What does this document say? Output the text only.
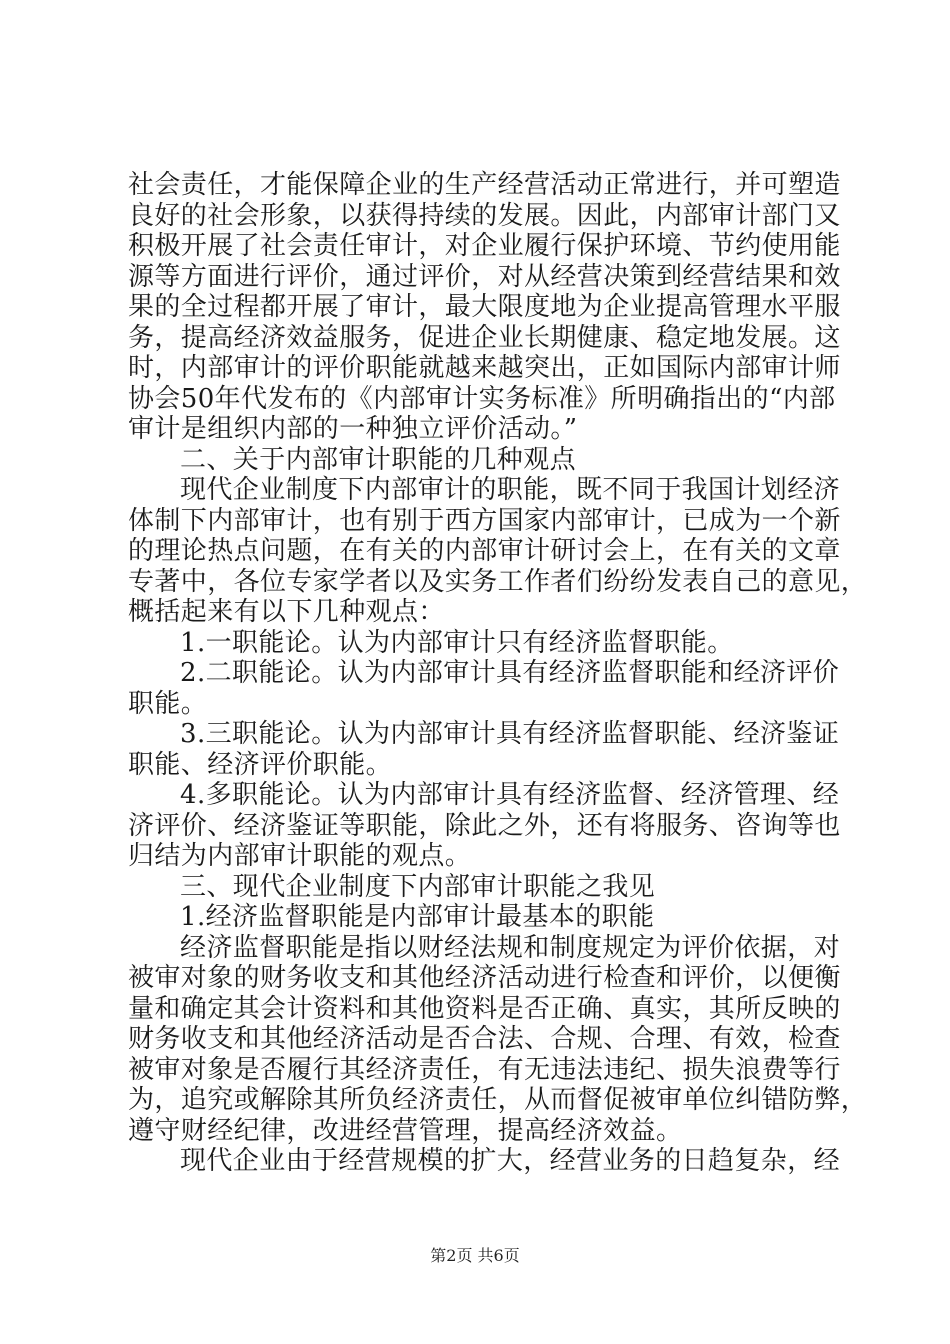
社会责任，才能保障企业的生产经营活动正常进行，并可塑造
良好的社会形象，以获得持续的发展。因此，内部审计部门又
积极开展了社会责任审计，对企业履行保护环境、节约使用能
源等方面进行评价，通过评价，对从经营决策到经营结果和效
果的全过程都开展了审计，最大限度地为企业提高管理水平服
务，提高经济效益服务，促进企业长期健康、稳定地发展。这
时，内部审计的评价职能就越来越突出，正如国际内部审计师
协会50年代发布的《内部审计实务标准》所明确指出的“内部
审计是组织内部的一种独立评价活动。”
二、关于内部审计职能的几种观点
现代企业制度下内部审计的职能，既不同于我国计划经济
体制下内部审计，也有别于西方国家内部审计，已成为一个新
的理论热点问题，在有关的内部审计研讨会上，在有关的文章
专著中，各位专家学者以及实务工作者们纷纷发表自己的意见，
概括起来有以下几种观点：
1.一职能论。认为内部审计只有经济监督职能。
2.二职能论。认为内部审计具有经济监督职能和经济评价
职能。
3.三职能论。认为内部审计具有经济监督职能、经济鉴证
职能、经济评价职能。
4.多职能论。认为内部审计具有经济监督、经济管理、经
济评价、经济鉴证等职能，除此之外，还有将服务、咨询等也
归结为内部审计职能的观点。
三、现代企业制度下内部审计职能之我见
1.经济监督职能是内部审计最基本的职能
经济监督职能是指以财经法规和制度规定为评价依据，对
被审对象的财务收支和其他经济活动进行检查和评价，以便衡
量和确定其会计资料和其他资料是否正确、真实，其所反映的
财务收支和其他经济活动是否合法、合规、合理、有效，检查
被审对象是否履行其经济责任，有无违法违纪、损失浪费等行
为，追究或解除其所负经济责任，从而督促被审单位纠错防弊，
遵守财经纪律，改进经营管理，提高经济效益。
现代企业由于经营规模的扩大，经营业务的日趋复杂，经
第2页 共6页
